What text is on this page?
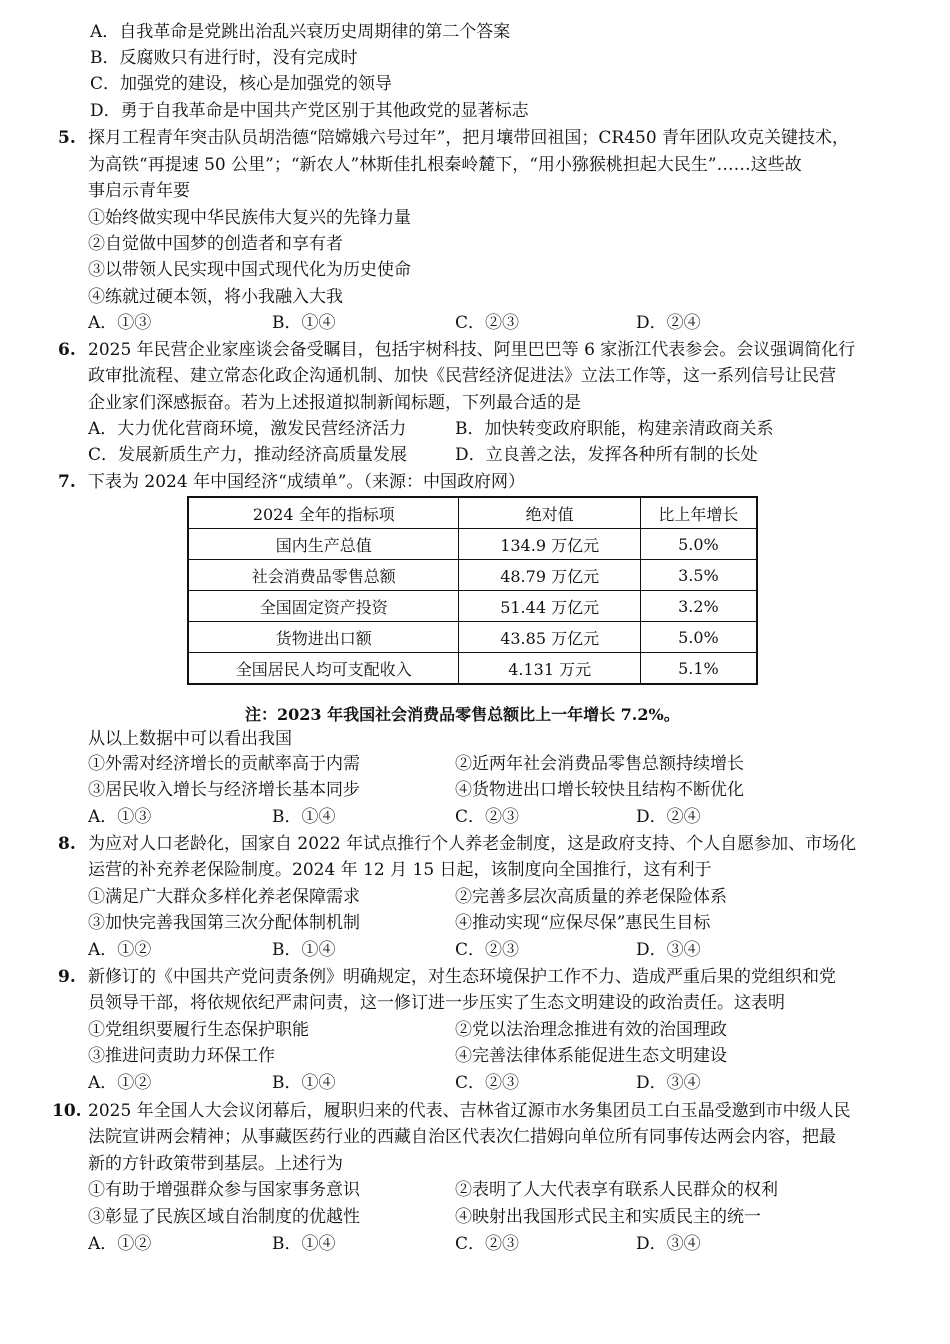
A．自我革命是党跳出治乱兴衰历史周期律的第二个答案
B．反腐败只有进行时，没有完成时
C．加强党的建设，核心是加强党的领导
D．勇于自我革命是中国共产党区别于其他政党的显著标志
5. 探月工程青年突击队员胡浩德“陪嫦娥六号过年”，把月壤带回祖国；CR450 青年团队攻克关键技术，
为高铁“再提速 50 公里”；“新农人”林斯佳扎根秦岭麓下，“用小猕猴桃担起大民生”……这些故
事启示青年要
①始终做实现中华民族伟大复兴的先锋力量
②自觉做中国梦的创造者和享有者
③以带领人民实现中国式现代化为历史使命
④练就过硬本领，将小我融入大我
A．①③	B．①④	C．②③	D．②④
6. 2025 年民营企业家座谈会备受瞩目，包括宇树科技、阿里巴巴等 6 家浙江代表参会。会议强调简化行
政审批流程、建立常态化政企沟通机制、加快《民营经济促进法》立法工作等，这一系列信号让民营
企业家们深感振奋。若为上述报道拟制新闻标题，下列最合适的是
A．大力优化营商环境，激发民营经济活力	B．加快转变政府职能，构建亲清政商关系
C．发展新质生产力，推动经济高质量发展	D．立良善之法，发挥各种所有制的长处
7. 下表为 2024 年中国经济“成绩单”。（来源：中国政府网）
2024 全年的指标项	绝对值	比上年增长
国内生产总值	134.9 万亿元	5.0%
社会消费品零售总额	48.79 万亿元	3.5%
全国固定资产投资	51.44 万亿元	3.2%
货物进出口额	43.85 万亿元	5.0%
全国居民人均可支配收入	4.131 万元	5.1%
注：2023 年我国社会消费品零售总额比上一年增长 7.2%。
从以上数据中可以看出我国
①外需对经济增长的贡献率高于内需	②近两年社会消费品零售总额持续增长
③居民收入增长与经济增长基本同步	④货物进出口增长较快且结构不断优化
A．①③	B．①④	C．②③	D．②④
8. 为应对人口老龄化，国家自 2022 年试点推行个人养老金制度，这是政府支持、个人自愿参加、市场化
运营的补充养老保险制度。2024 年 12 月 15 日起，该制度向全国推行，这有利于
①满足广大群众多样化养老保障需求	②完善多层次高质量的养老保险体系
③加快完善我国第三次分配体制机制	④推动实现“应保尽保”惠民生目标
A．①②	B．①④	C．②③	D．③④
9. 新修订的《中国共产党问责条例》明确规定，对生态环境保护工作不力、造成严重后果的党组织和党
员领导干部，将依规依纪严肃问责，这一修订进一步压实了生态文明建设的政治责任。这表明
①党组织要履行生态保护职能	②党以法治理念推进有效的治国理政
③推进问责助力环保工作	④完善法律体系能促进生态文明建设
A．①②	B．①④	C．②③	D．③④
10. 2025 年全国人大会议闭幕后，履职归来的代表、吉林省辽源市水务集团员工白玉晶受邀到市中级人民
法院宣讲两会精神；从事藏医药行业的西藏自治区代表次仁措姆向单位所有同事传达两会内容，把最
新的方针政策带到基层。上述行为
①有助于增强群众参与国家事务意识	②表明了人大代表享有联系人民群众的权利
③彰显了民族区域自治制度的优越性	④映射出我国形式民主和实质民主的统一
A．①②	B．①④	C．②③	D．③④
